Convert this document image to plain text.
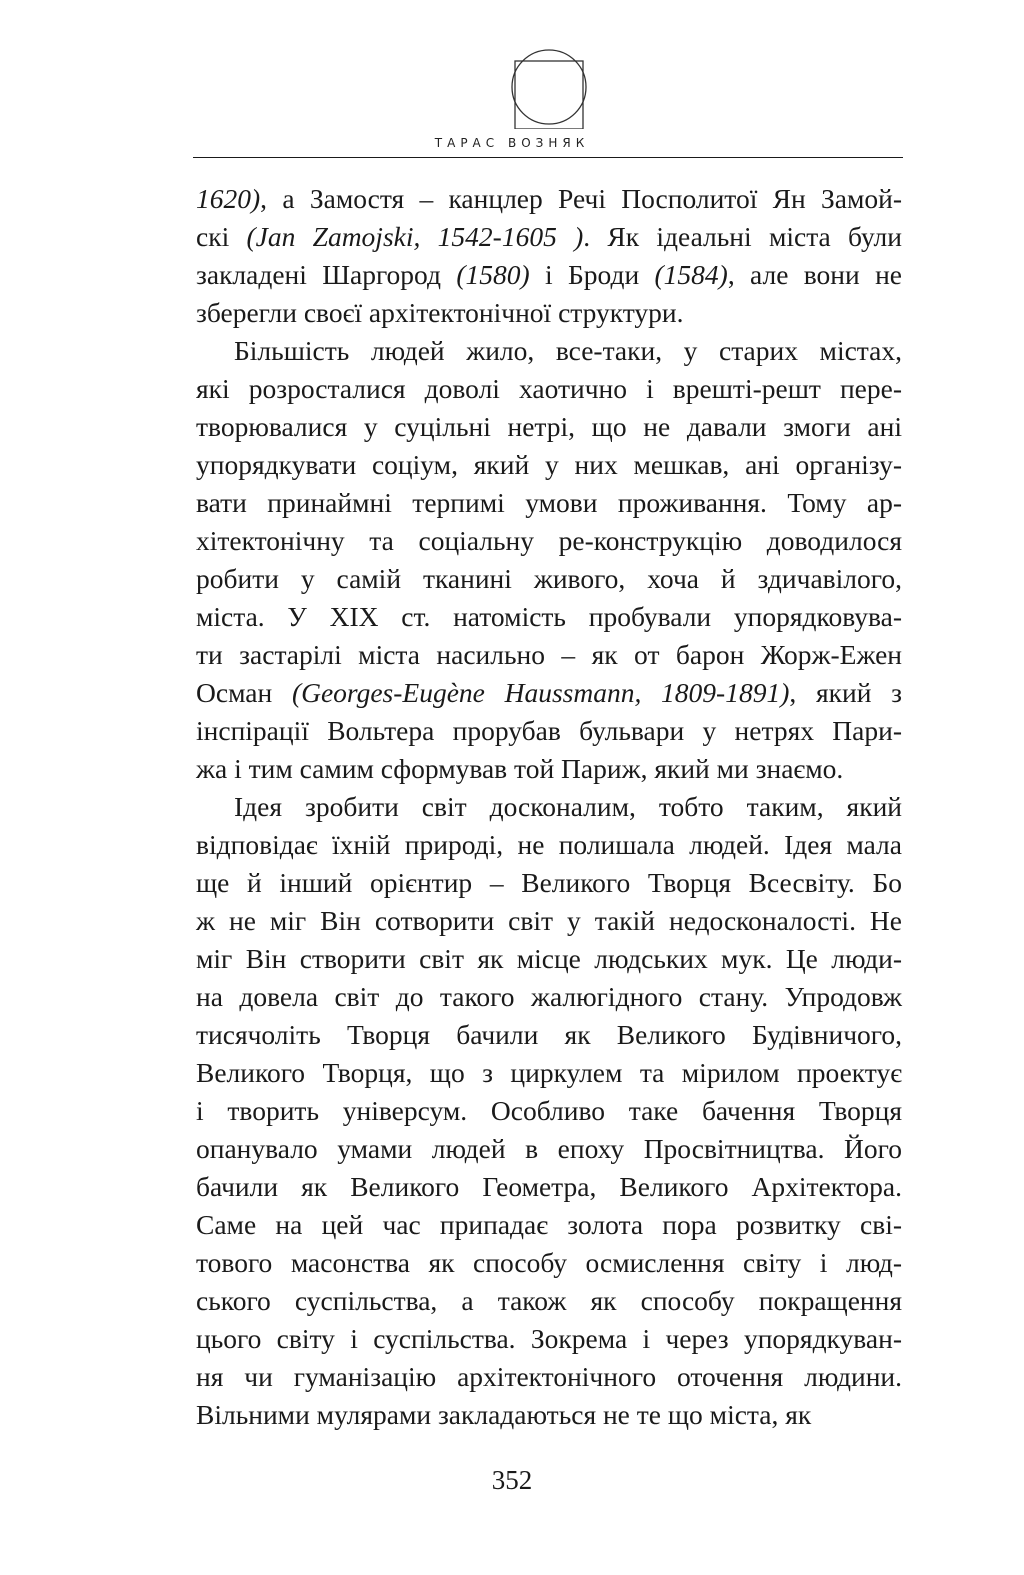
ТАРАС ВОЗНЯК
1620), а Замостя – канцлер Речі Посполитої Ян Замой-
скі (Jan Zamojski, 1542-1605 ). Як ідеальні міста були
закладені Шаргород (1580) і Броди (1584), але вони не
зберегли своєї архітектонічної структури.
Більшість людей жило, все-таки, у старих містах,
які розросталися доволі хаотично і врешті-решт пере-
творювалися у суцільні нетрі, що не давали змоги ані
упорядкувати соціум, який у них мешкав, ані організу-
вати принаймні терпимі умови проживання. Тому ар-
хітектонічну та соціальну ре-конструкцію доводилося
робити у самій тканині живого, хоча й здичавілого,
міста. У ХІХ ст. натомість пробували упорядковува-
ти застарілі міста насильно – як от барон Жорж-Ежен
Осман (Georges-Eugène Haussmann, 1809-1891), який з
інспірації Вольтера прорубав бульвари у нетрях Пари-
жа і тим самим сформував той Париж, який ми знаємо.
Ідея зробити світ досконалим, тобто таким, який
відповідає їхній природі, не полишала людей. Ідея мала
ще й інший орієнтир – Великого Творця Всесвіту. Бо
ж не міг Він сотворити світ у такій недосконалості. Не
міг Він створити світ як місце людських мук. Це люди-
на довела світ до такого жалюгідного стану. Упродовж
тисячоліть Творця бачили як Великого Будівничого,
Великого Творця, що з циркулем та мірилом проектує
і творить універсум. Особливо таке бачення Творця
опанувало умами людей в епоху Просвітництва. Його
бачили як Великого Геометра, Великого Архітектора.
Саме на цей час припадає золота пора розвитку сві-
тового масонства як способу осмислення світу і люд-
ського суспільства, а також як способу покращення
цього світу і суспільства. Зокрема і через упорядкуван-
ня чи гуманізацію архітектонічного оточення людини.
Вільними мулярами закладаються не те що міста, як
352
